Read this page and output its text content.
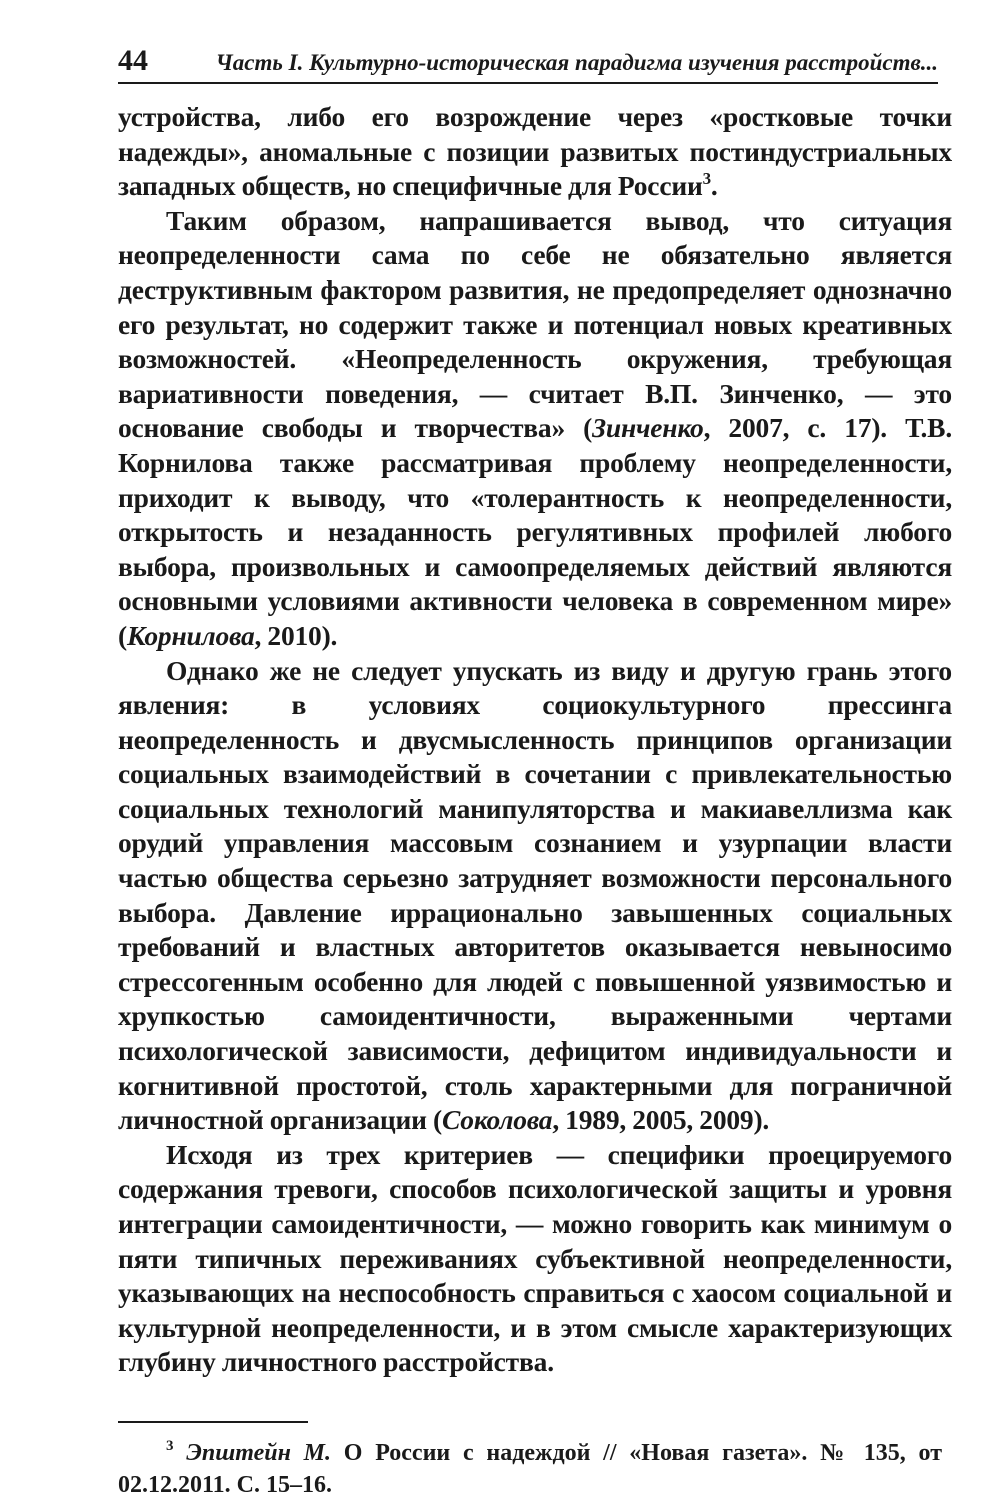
44	Часть I. Культурно-историческая парадигма изучения расстройств...

устройства, либо его возрождение через «ростковые точки надежды», аномальные с позиции развитых постиндустриальных западных обществ, но специфичные для России$^3$.

Таким образом, напрашивается вывод, что ситуация неопределенности сама по себе не обязательно является деструктивным фактором развития, не предопределяет однозначно его результат, но содержит также и потенциал новых креативных возможностей. «Неопределенность окружения, требующая вариативности поведения, — считает В.П. Зинченко, — это основание свободы и творчества» (Зинченко, 2007, с. 17). Т.В. Корнилова также рассматривая проблему неопределенности, приходит к выводу, что «толерантность к неопределенности, открытость и незаданность регулятивных профилей любого выбора, произвольных и самоопределяемых действий являются основными условиями активности человека в современном мире» (Корнилова, 2010).

Однако же не следует упускать из виду и другую грань этого явления: в условиях социокультурного прессинга неопределенность и двусмысленность принципов организации социальных взаимодействий в сочетании с привлекательностью социальных технологий манипуляторства и макиавеллизма как орудий управления массовым сознанием и узурпации власти частью общества серьезно затрудняет возможности персонального выбора. Давление иррационально завышенных социальных требований и властных авторитетов оказывается невыносимо стрессогенным особенно для людей с повышенной уязвимостью и хрупкостью самоидентичности, выраженными чертами психологической зависимости, дефицитом индивидуальности и когнитивной простотой, столь характерными для пограничной личностной организации (Соколова, 1989, 2005, 2009).

Исходя из трех критериев — специфики проецируемого содержания тревоги, способов психологической защиты и уровня интеграции самоидентичности, — можно говорить как минимум о пяти типичных переживаниях субъективной неопределенности, указывающих на неспособность справиться с хаосом социальной и культурной неопределенности, и в этом смысле характеризующих глубину личностного расстройства.

$^3$ Эпштейн М. О России с надеждой // «Новая газета». № 135, от 02.12.2011. С. 15–16.
